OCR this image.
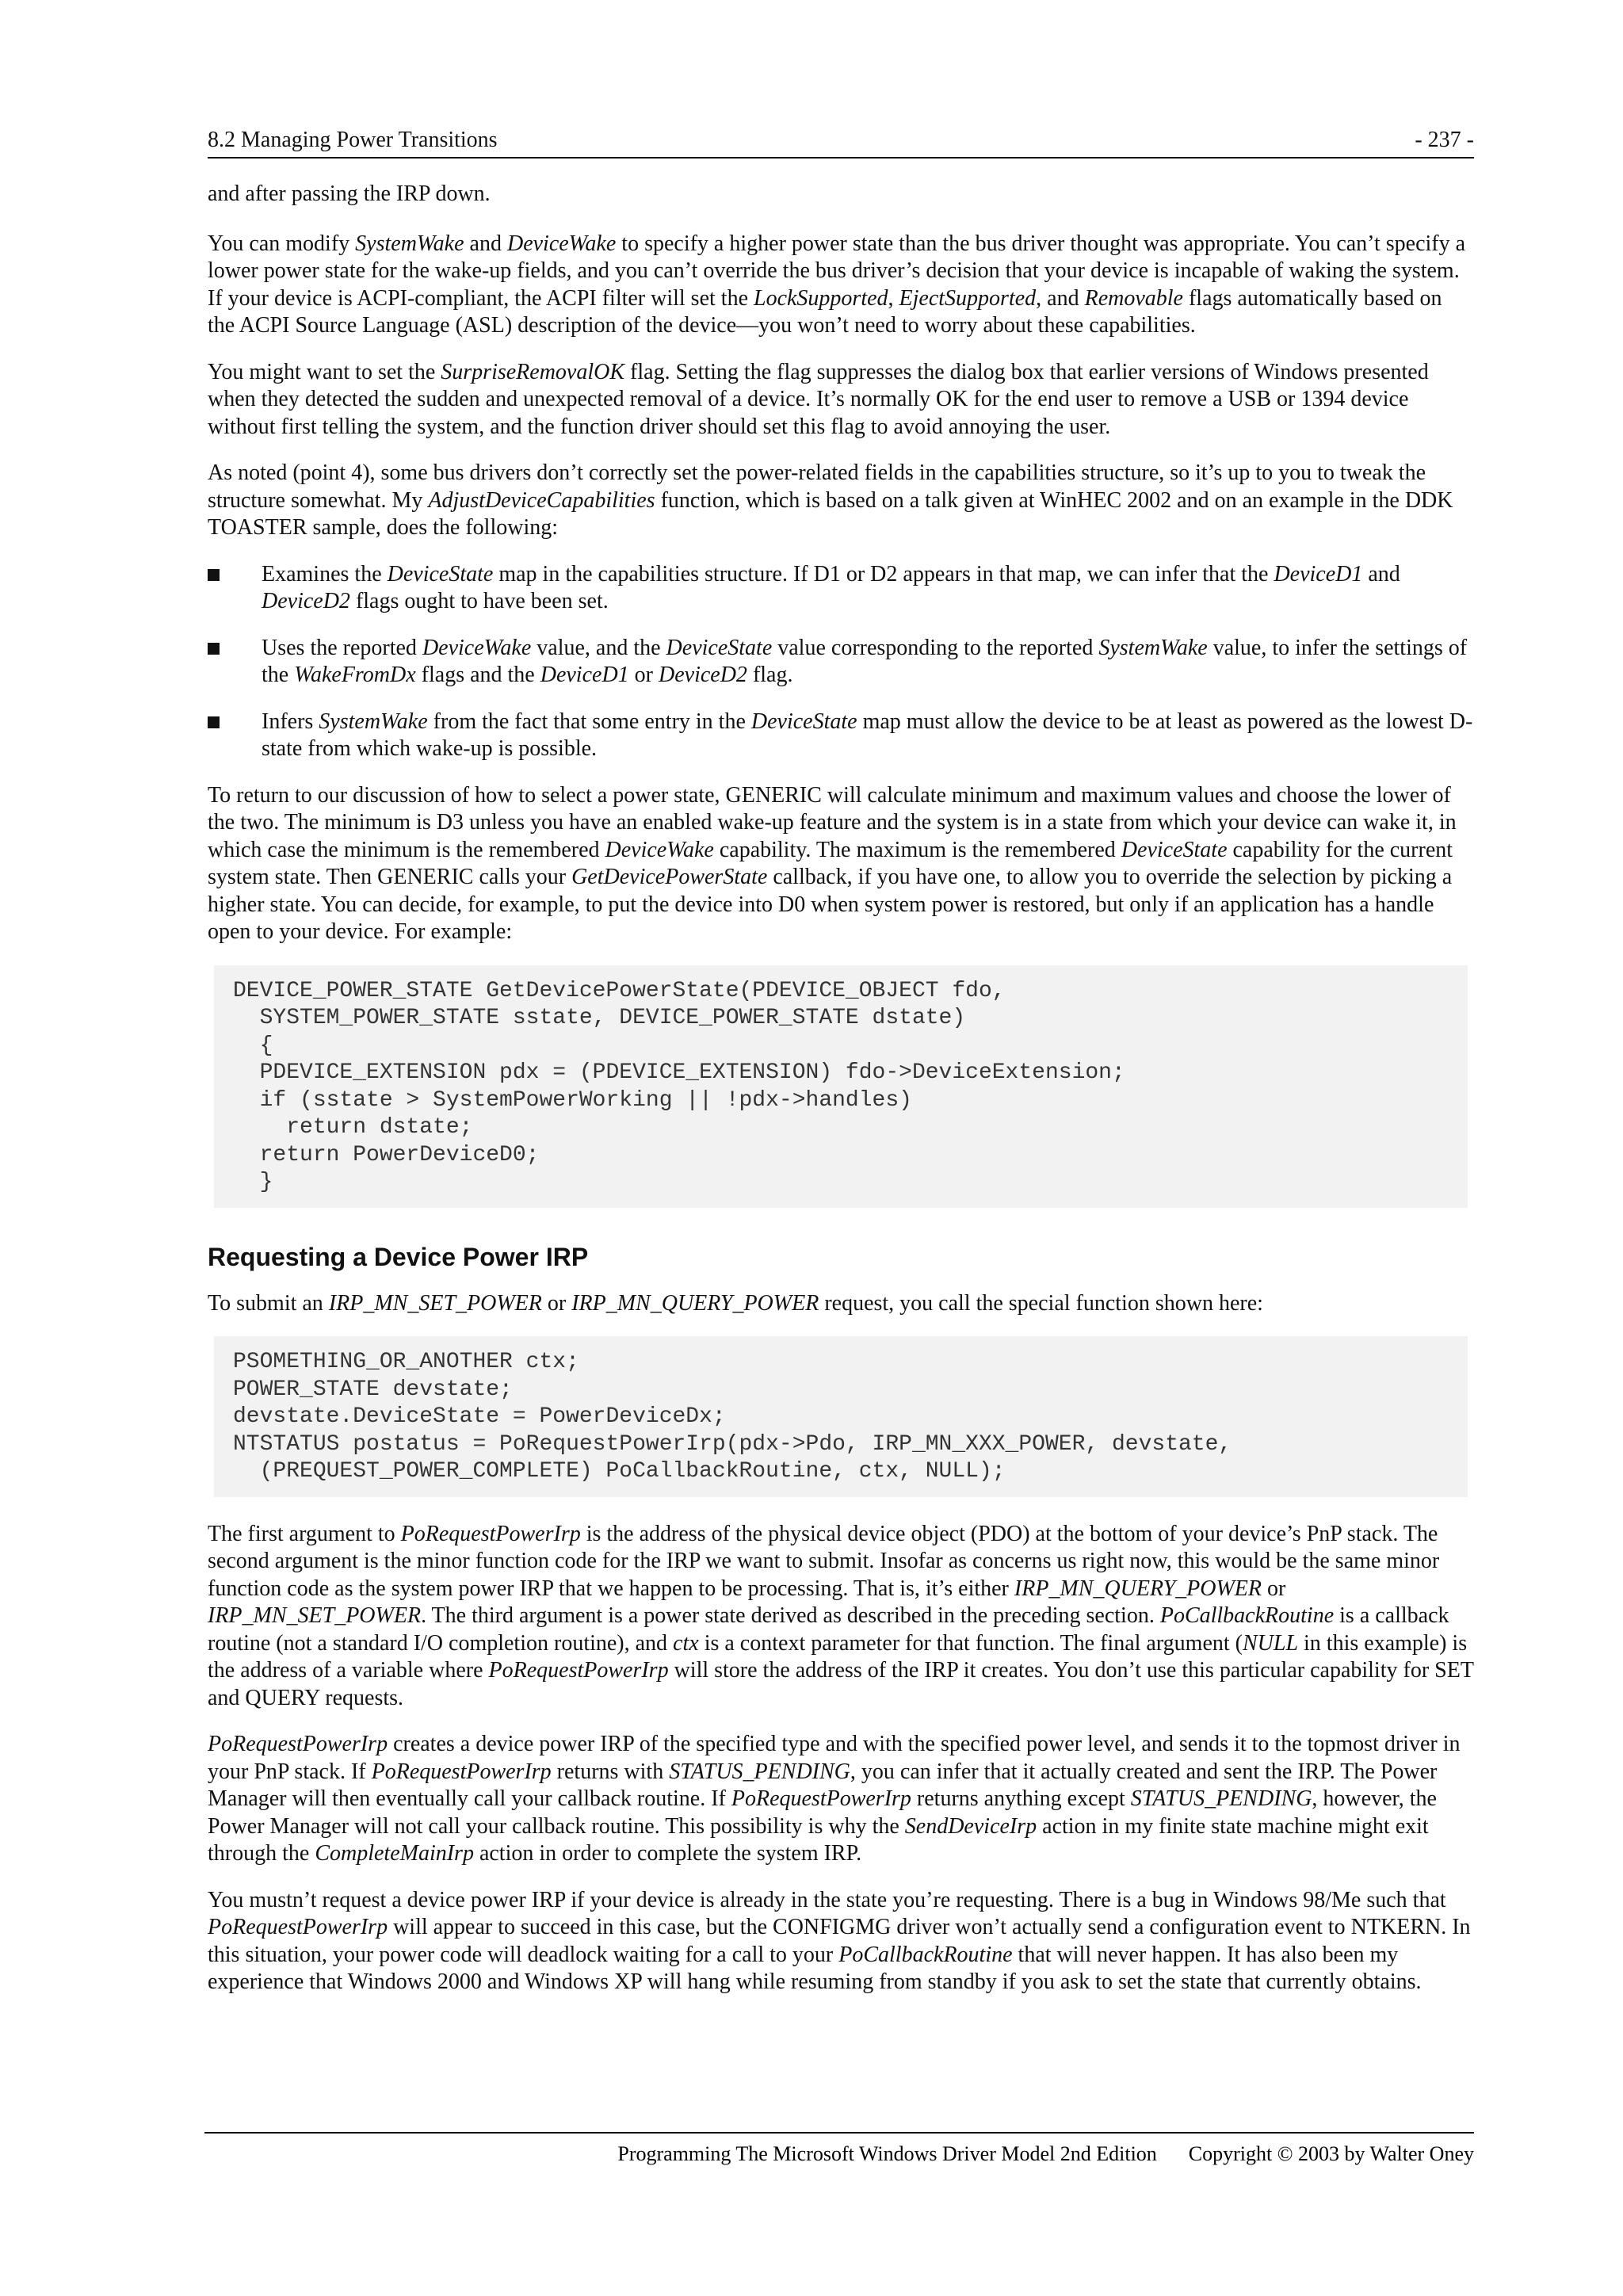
8.2 Managing Power Transitions	- 237 -

and after passing the IRP down.

You can modify SystemWake and DeviceWake to specify a higher power state than the bus driver thought was appropriate. You can’t specify a lower power state for the wake-up fields, and you can’t override the bus driver’s decision that your device is incapable of waking the system. If your device is ACPI-compliant, the ACPI filter will set the LockSupported, EjectSupported, and Removable flags automatically based on the ACPI Source Language (ASL) description of the device—you won’t need to worry about these capabilities.

You might want to set the SurpriseRemovalOK flag. Setting the flag suppresses the dialog box that earlier versions of Windows presented when they detected the sudden and unexpected removal of a device. It’s normally OK for the end user to remove a USB or 1394 device without first telling the system, and the function driver should set this flag to avoid annoying the user.

As noted (point 4), some bus drivers don’t correctly set the power-related fields in the capabilities structure, so it’s up to you to tweak the structure somewhat. My AdjustDeviceCapabilities function, which is based on a talk given at WinHEC 2002 and on an example in the DDK TOASTER sample, does the following:

Examines the DeviceState map in the capabilities structure. If D1 or D2 appears in that map, we can infer that the DeviceD1 and DeviceD2 flags ought to have been set.
Uses the reported DeviceWake value, and the DeviceState value corresponding to the reported SystemWake value, to infer the settings of the WakeFromDx flags and the DeviceD1 or DeviceD2 flag.
Infers SystemWake from the fact that some entry in the DeviceState map must allow the device to be at least as powered as the lowest D-state from which wake-up is possible.

To return to our discussion of how to select a power state, GENERIC will calculate minimum and maximum values and choose the lower of the two. The minimum is D3 unless you have an enabled wake-up feature and the system is in a state from which your device can wake it, in which case the minimum is the remembered DeviceWake capability. The maximum is the remembered DeviceState capability for the current system state. Then GENERIC calls your GetDevicePowerState callback, if you have one, to allow you to override the selection by picking a higher state. You can decide, for example, to put the device into D0 when system power is restored, but only if an application has a handle open to your device. For example:

DEVICE_POWER_STATE GetDevicePowerState(PDEVICE_OBJECT fdo,
SYSTEM_POWER_STATE sstate, DEVICE_POWER_STATE dstate)
{
PDEVICE_EXTENSION pdx = (PDEVICE_EXTENSION) fdo->DeviceExtension;
if (sstate > SystemPowerWorking || !pdx->handles)
return dstate;
return PowerDeviceD0;
}
Requesting a Device Power IRP

To submit an IRP_MN_SET_POWER or IRP_MN_QUERY_POWER request, you call the special function shown here:

PSOMETHING_OR_ANOTHER ctx;
POWER_STATE devstate;
devstate.DeviceState = PowerDeviceDx;
NTSTATUS postatus = PoRequestPowerIrp(pdx->Pdo, IRP_MN_XXX_POWER, devstate,
(PREQUEST_POWER_COMPLETE) PoCallbackRoutine, ctx, NULL);

The first argument to PoRequestPowerIrp is the address of the physical device object (PDO) at the bottom of your device’s PnP stack. The second argument is the minor function code for the IRP we want to submit. Insofar as concerns us right now, this would be the same minor function code as the system power IRP that we happen to be processing. That is, it’s either IRP_MN_QUERY_POWER or IRP_MN_SET_POWER. The third argument is a power state derived as described in the preceding section. PoCallbackRoutine is a callback routine (not a standard I/O completion routine), and ctx is a context parameter for that function. The final argument (NULL in this example) is the address of a variable where PoRequestPowerIrp will store the address of the IRP it creates. You don’t use this particular capability for SET and QUERY requests.

PoRequestPowerIrp creates a device power IRP of the specified type and with the specified power level, and sends it to the topmost driver in your PnP stack. If PoRequestPowerIrp returns with STATUS_PENDING, you can infer that it actually created and sent the IRP. The Power Manager will then eventually call your callback routine. If PoRequestPowerIrp returns anything except STATUS_PENDING, however, the Power Manager will not call your callback routine. This possibility is why the SendDeviceIrp action in my finite state machine might exit through the CompleteMainIrp action in order to complete the system IRP.

You mustn’t request a device power IRP if your device is already in the state you’re requesting. There is a bug in Windows 98/Me such that PoRequestPowerIrp will appear to succeed in this case, but the CONFIGMG driver won’t actually send a configuration event to NTKERN. In this situation, your power code will deadlock waiting for a call to your PoCallbackRoutine that will never happen. It has also been my experience that Windows 2000 and Windows XP will hang while resuming from standby if you ask to set the state that currently obtains.

Programming The Microsoft Windows Driver Model 2nd Edition Copyright © 2003 by Walter Oney
